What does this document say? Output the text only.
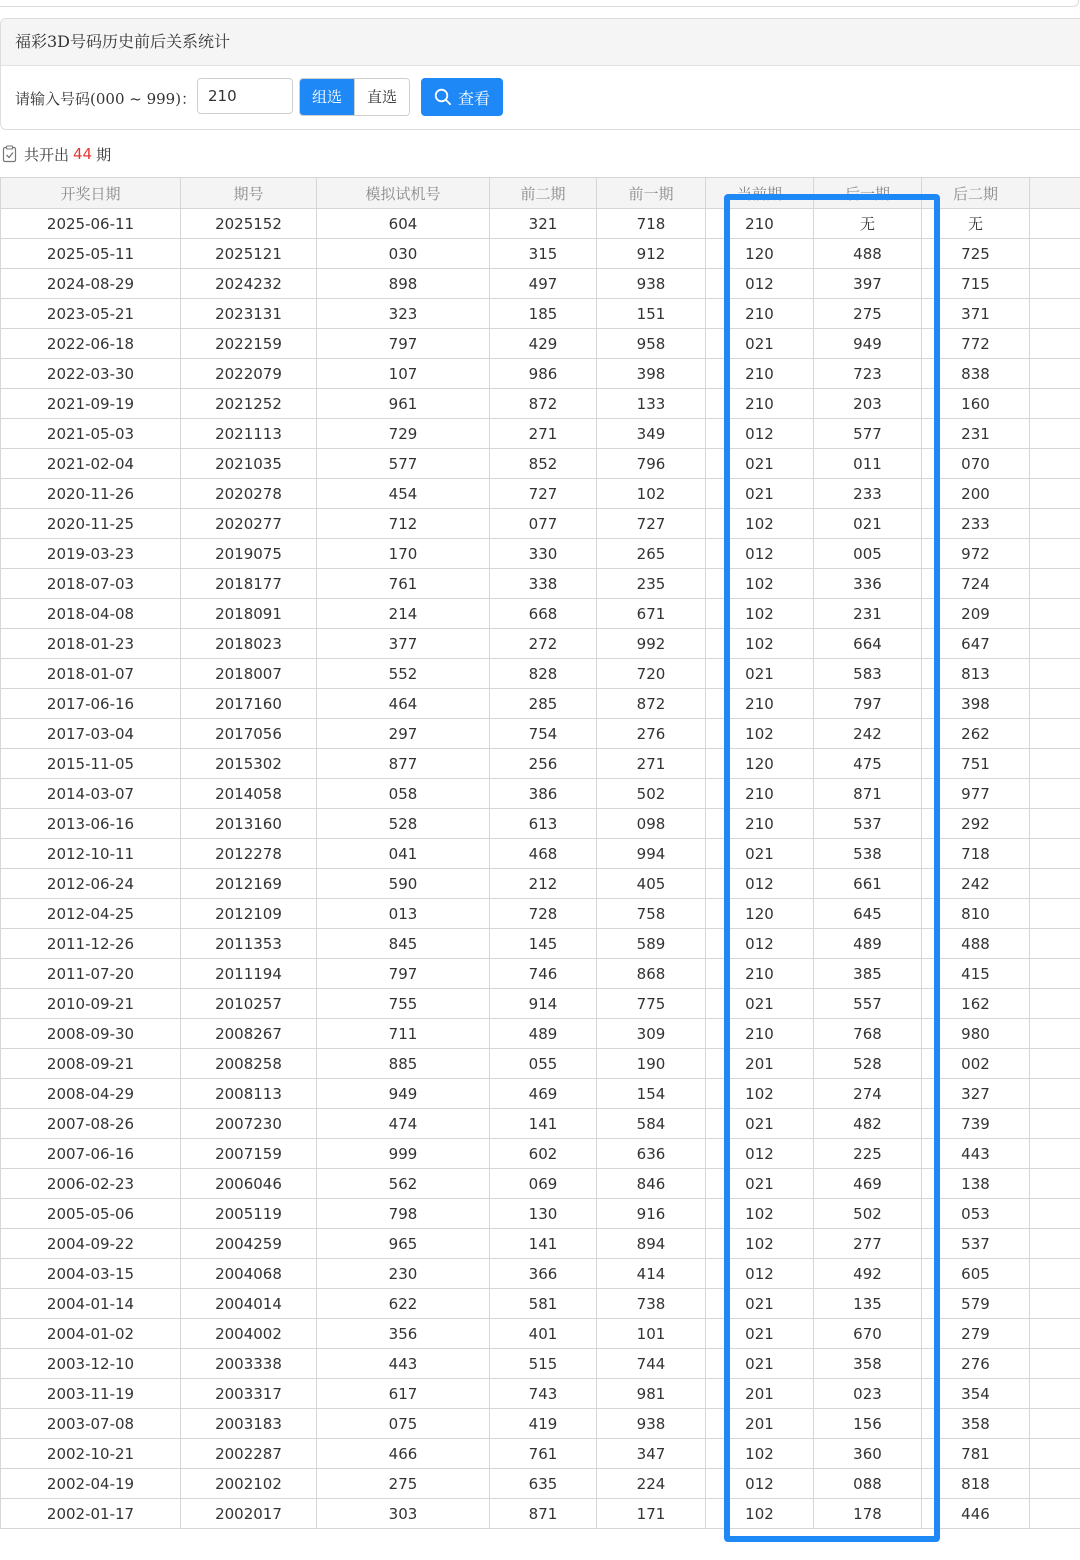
福彩3D号码历史前后关系统计
请输入号码(000 ~ 999)：
210	组选	直选	查看
共开出 44 期
开奖日期	期号	模拟试机号	前二期	前一期	当前期	后一期	后二期	
2025-06-11	2025152	604	321	718	210	无	无	
2025-05-11	2025121	030	315	912	120	488	725	
2024-08-29	2024232	898	497	938	012	397	715	
2023-05-21	2023131	323	185	151	210	275	371	
2022-06-18	2022159	797	429	958	021	949	772	
2022-03-30	2022079	107	986	398	210	723	838	
2021-09-19	2021252	961	872	133	210	203	160	
2021-05-03	2021113	729	271	349	012	577	231	
2021-02-04	2021035	577	852	796	021	011	070	
2020-11-26	2020278	454	727	102	021	233	200	
2020-11-25	2020277	712	077	727	102	021	233	
2019-03-23	2019075	170	330	265	012	005	972	
2018-07-03	2018177	761	338	235	102	336	724	
2018-04-08	2018091	214	668	671	102	231	209	
2018-01-23	2018023	377	272	992	102	664	647	
2018-01-07	2018007	552	828	720	021	583	813	
2017-06-16	2017160	464	285	872	210	797	398	
2017-03-04	2017056	297	754	276	102	242	262	
2015-11-05	2015302	877	256	271	120	475	751	
2014-03-07	2014058	058	386	502	210	871	977	
2013-06-16	2013160	528	613	098	210	537	292	
2012-10-11	2012278	041	468	994	021	538	718	
2012-06-24	2012169	590	212	405	012	661	242	
2012-04-25	2012109	013	728	758	120	645	810	
2011-12-26	2011353	845	145	589	012	489	488	
2011-07-20	2011194	797	746	868	210	385	415	
2010-09-21	2010257	755	914	775	021	557	162	
2008-09-30	2008267	711	489	309	210	768	980	
2008-09-21	2008258	885	055	190	201	528	002	
2008-04-29	2008113	949	469	154	102	274	327	
2007-08-26	2007230	474	141	584	021	482	739	
2007-06-16	2007159	999	602	636	012	225	443	
2006-02-23	2006046	562	069	846	021	469	138	
2005-05-06	2005119	798	130	916	102	502	053	
2004-09-22	2004259	965	141	894	102	277	537	
2004-03-15	2004068	230	366	414	012	492	605	
2004-01-14	2004014	622	581	738	021	135	579	
2004-01-02	2004002	356	401	101	021	670	279	
2003-12-10	2003338	443	515	744	021	358	276	
2003-11-19	2003317	617	743	981	201	023	354	
2003-07-08	2003183	075	419	938	201	156	358	
2002-10-21	2002287	466	761	347	102	360	781	
2002-04-19	2002102	275	635	224	012	088	818	
2002-01-17	2002017	303	871	171	102	178	446	
